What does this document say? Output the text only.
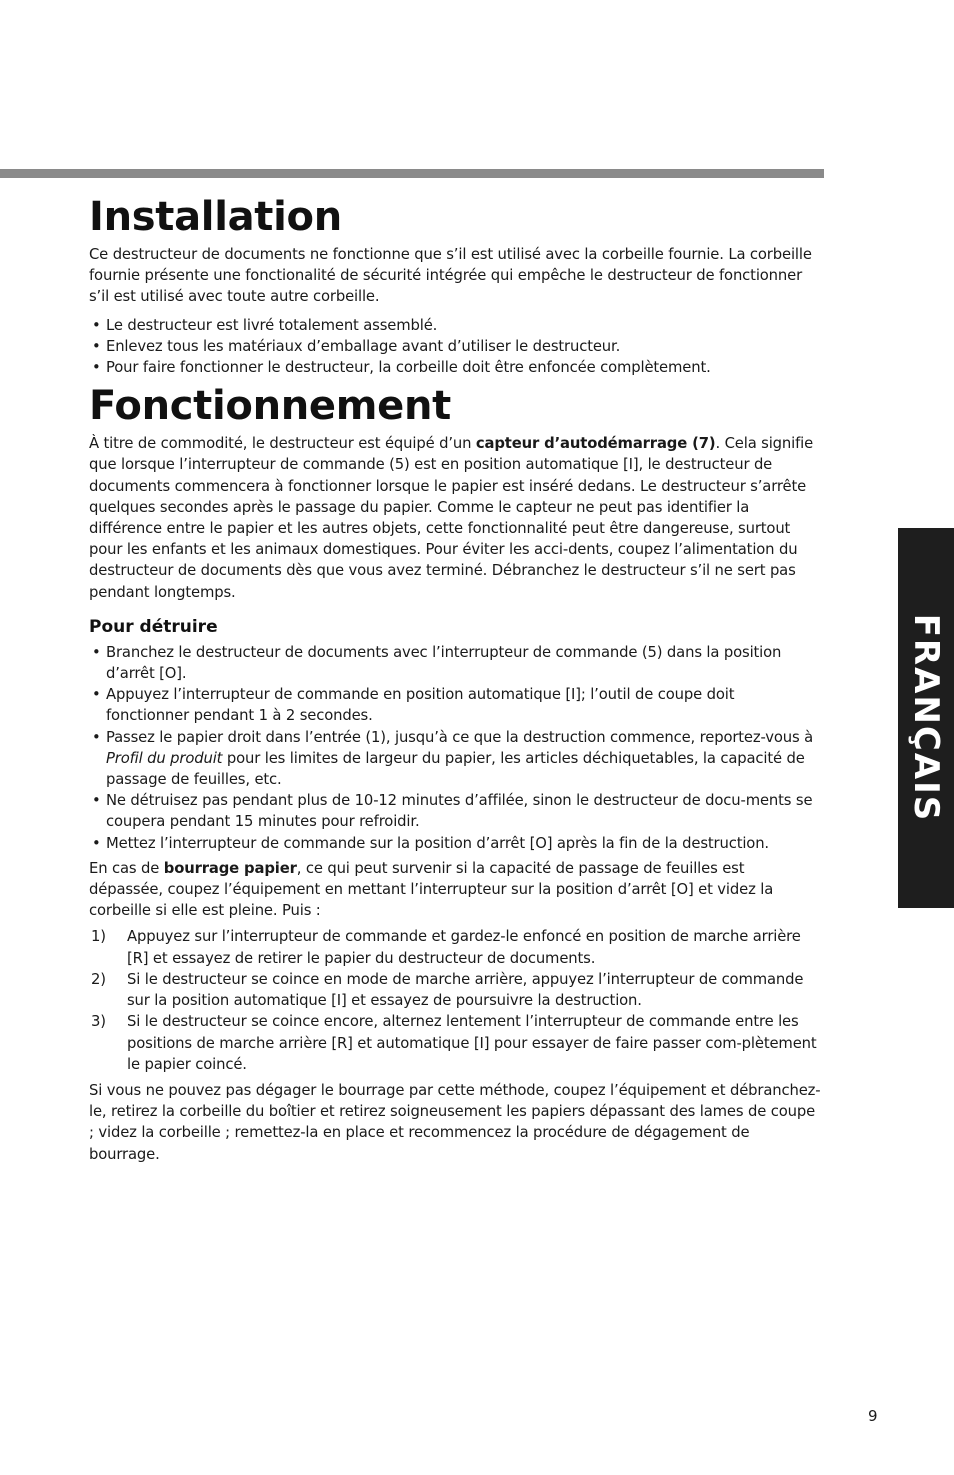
Installation

Ce destructeur de documents ne fonctionne que s’il est utilisé avec la corbeille fournie. La corbeille fournie présente une fonctionalité de sécurité intégrée qui empêche le destructeur de fonctionner s’il est utilisé avec toute autre corbeille.

• Le destructeur est livré totalement assemblé.
• Enlevez tous les matériaux d’emballage avant d’utiliser le destructeur.
• Pour faire fonctionner le destructeur, la corbeille doit être enfoncée complètement.
Fonctionnement

À titre de commodité, le destructeur est équipé d’un capteur d’autodémarrage (7). Cela signifie que lorsque l’interrupteur de commande (5) est en position automatique [I], le destructeur de documents commencera à fonctionner lorsque le papier est inséré dedans. Le destructeur s’arrête quelques secondes après le passage du papier. Comme le capteur ne peut pas identifier la différence entre le papier et les autres objets, cette fonctionnalité peut être dangereuse, surtout pour les enfants et les animaux domestiques. Pour éviter les acci-dents, coupez l’alimentation du destructeur de documents dès que vous avez terminé. Débranchez le destructeur s’il ne sert pas pendant longtemps.

Pour détruire
• Branchez le destructeur de documents avec l’interrupteur de commande (5) dans la position d’arrêt [O].
• Appuyez l’interrupteur de commande en position automatique [I]; l’outil de coupe doit fonctionner pendant 1 à 2 secondes.
• Passez le papier droit dans l’entrée (1), jusqu’à ce que la destruction commence, reportez-vous à Profil du produit pour les limites de largeur du papier, les articles déchiquetables, la capacité de passage de feuilles, etc.
• Ne détruisez pas pendant plus de 10-12 minutes d’affilée, sinon le destructeur de docu-ments se coupera pendant 15 minutes pour refroidir.
• Mettez l’interrupteur de commande sur la position d’arrêt [O] après la fin de la destruction.

En cas de bourrage papier, ce qui peut survenir si la capacité de passage de feuilles est dépassée, coupez l’équipement en mettant l’interrupteur sur la position d’arrêt [O] et videz la corbeille si elle est pleine. Puis :

1) Appuyez sur l’interrupteur de commande et gardez-le enfoncé en position de marche arrière [R] et essayez de retirer le papier du destructeur de documents.
2) Si le destructeur se coince en mode de marche arrière, appuyez l’interrupteur de commande sur la position automatique [I] et essayez de poursuivre la destruction.
3) Si le destructeur se coince encore, alternez lentement l’interrupteur de commande entre les positions de marche arrière [R] et automatique [I] pour essayer de faire passer com-plètement le papier coincé.

Si vous ne pouvez pas dégager le bourrage par cette méthode, coupez l’équipement et débranchez-le, retirez la corbeille du boîtier et retirez soigneusement les papiers dépassant des lames de coupe ; videz la corbeille ; remettez-la en place et recommencez la procédure de dégagement de bourrage.

FRANÇAIS
9
